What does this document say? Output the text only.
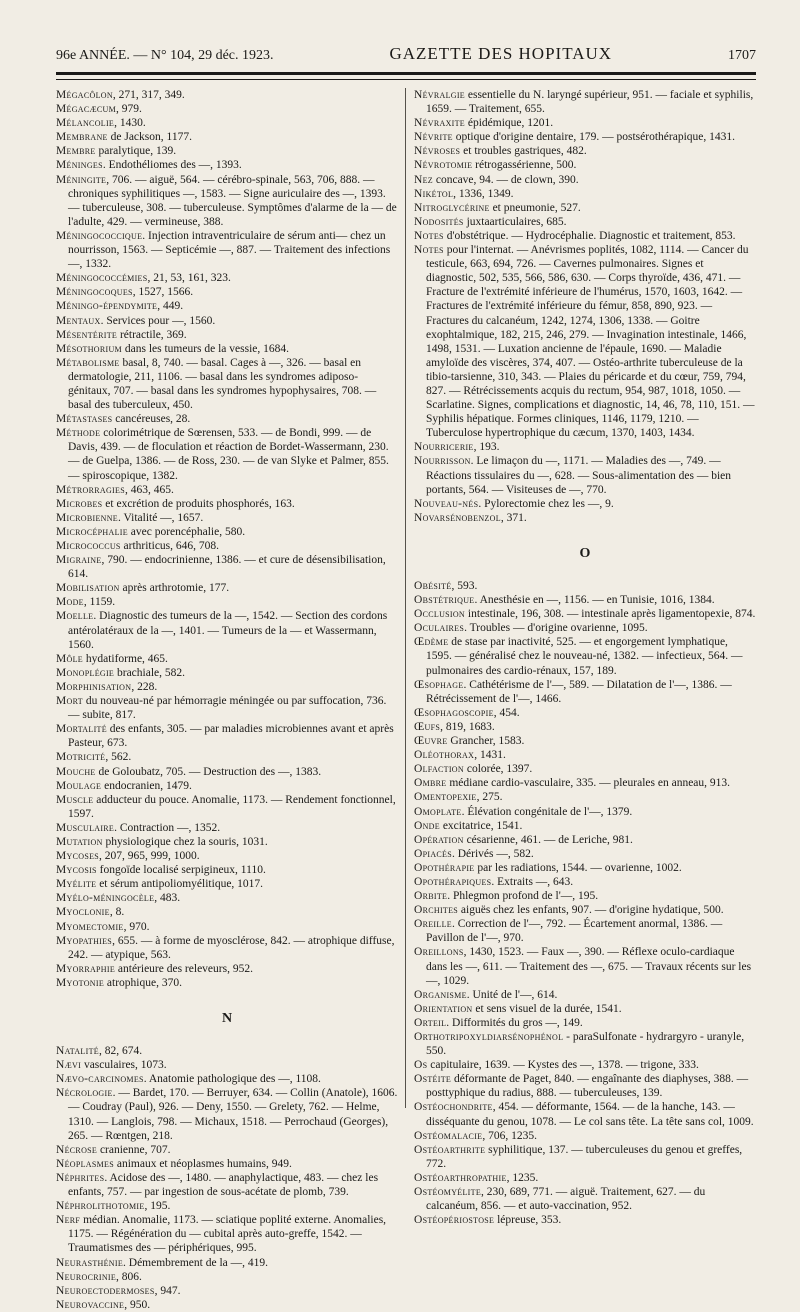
96e ANNÉE. — N° 104, 29 déc. 1923.	GAZETTE DES HOPITAUX	1707

Mégacôlon, 271, 317, 349.

Mégacæcum, 979.

Mélancolie, 1430.

Membrane de Jackson, 1177.

Membre paralytique, 139.

Méninges. Endothéliomes des —, 1393.

Méningite, 706. — aiguë, 564. — cérébro-spinale, 563, 706, 888. — chroniques syphilitiques —, 1583. — Signe auriculaire des —, 1393. — tuberculeuse, 308. — tuberculeuse. Symptômes d'alarme de la — de l'adulte, 429. — vermineuse, 388.

Méningococcique. Injection intraventriculaire de sérum anti— chez un nourrisson, 1563. — Septicémie —, 887. — Traitement des infections —, 1332.

Méningococcémies, 21, 53, 161, 323.

Méningocoques, 1527, 1566.

Méningo-épendymite, 449.

Mentaux. Services pour —, 1560.

Mésentérite rétractile, 369.

Mésothorium dans les tumeurs de la vessie, 1684.

Métabolisme basal, 8, 740. — basal. Cages à —, 326. — basal en dermatologie, 211, 1106. — basal dans les syndromes adiposo-génitaux, 707. — basal dans les syndromes hypophysaires, 708. — basal des tuberculeux, 450.

Métastases cancéreuses, 28.

Méthode colorimétrique de Sœrensen, 533. — de Bondi, 999. — de Davis, 439. — de floculation et réaction de Bordet-Wassermann, 230. — de Guelpa, 1386. — de Ross, 230. — de van Slyke et Palmer, 855. — spiroscopique, 1382.

Métrorragies, 463, 465.

Microbes et excrétion de produits phosphorés, 163.

Microbienne. Vitalité —, 1657.

Microcéphalie avec porencéphalie, 580.

Micrococcus arthriticus, 646, 708.

Migraine, 790. — endocrinienne, 1386. — et cure de désensibilisation, 614.

Mobilisation après arthrotomie, 177.

Mode, 1159.

Moelle. Diagnostic des tumeurs de la —, 1542. — Section des cordons antérolatéraux de la —, 1401. — Tumeurs de la — et Wassermann, 1560.

Môle hydatiforme, 465.

Monoplégie brachiale, 582.

Morphinisation, 228.

Mort du nouveau-né par hémorragie méningée ou par suffocation, 736. — subite, 817.

Mortalité des enfants, 305. — par maladies microbiennes avant et après Pasteur, 673.

Motricité, 562.

Mouche de Goloubatz, 705. — Destruction des —, 1383.

Moulage endocranien, 1479.

Muscle adducteur du pouce. Anomalie, 1173. — Rendement fonctionnel, 1597.

Musculaire. Contraction —, 1352.

Mutation physiologique chez la souris, 1031.

Mycoses, 207, 965, 999, 1000.

Mycosis fongoïde localisé serpigineux, 1110.

Myélite et sérum antipoliomyélitique, 1017.

Myélo-méningocèle, 483.

Myoclonie, 8.

Myomectomie, 970.

Myopathies, 655. — à forme de myosclérose, 842. — atrophique diffuse, 242. — atypique, 563.

Myorraphie antérieure des releveurs, 952.

Myotonie atrophique, 370.

N

Natalité, 82, 674.

Nævi vasculaires, 1073.

Nævo-carcinomes. Anatomie pathologique des —, 1108.

Nécrologie. — Bardet, 170. — Berruyer, 634. — Collin (Anatole), 1606. — Coudray (Paul), 926. — Deny, 1550. — Grelety, 762. — Helme, 1310. — Langlois, 798. — Michaux, 1518. — Perrochaud (Georges), 265. — Rœntgen, 218.

Nécrose cranienne, 707.

Néoplasmes animaux et néoplasmes humains, 949.

Néphrites. Acidose des —, 1480. — anaphylactique, 483. — chez les enfants, 757. — par ingestion de sous-acétate de plomb, 739.

Néphrolithotomie, 195.

Nerf médian. Anomalie, 1173. — sciatique poplité externe. Anomalies, 1175. — Régénération du — cubital après auto-greffe, 1542. — Traumatismes des — périphériques, 995.

Neurasthénie. Démembrement de la —, 419.

Neurocrinie, 806.

Neuroectodermoses, 947.

Neurovaccine, 950.

Névralgie essentielle du N. laryngé supérieur, 951. — faciale et syphilis, 1659. — Traitement, 655.

Névraxite épidémique, 1201.

Névrite optique d'origine dentaire, 179. — postsérothérapique, 1431.

Névroses et troubles gastriques, 482.

Névrotomie rétrogassérienne, 500.

Nez concave, 94. — de clown, 390.

Nikétol, 1336, 1349.

Nitroglycérine et pneumonie, 527.

Nodosités juxtaarticulaires, 685.

Notes d'obstétrique. — Hydrocéphalie. Diagnostic et traitement, 853.

Notes pour l'internat. — Anévrismes poplités, 1082, 1114. — Cancer du testicule, 663, 694, 726. — Cavernes pulmonaires. Signes et diagnostic, 502, 535, 566, 586, 630. — Corps thyroïde, 436, 471. — Fracture de l'extrémité inférieure de l'humérus, 1570, 1603, 1642. — Fractures de l'extrémité inférieure du fémur, 858, 890, 923. — Fractures du calcanéum, 1242, 1274, 1306, 1338. — Goitre exophtalmique, 182, 215, 246, 279. — Invagination intestinale, 1466, 1498, 1531. — Luxation ancienne de l'épaule, 1690. — Maladie amyloïde des viscères, 374, 407. — Ostéo-arthrite tuberculeuse de la tibio-tarsienne, 310, 343. — Plaies du péricarde et du cœur, 759, 794, 827. — Rétrécissements acquis du rectum, 954, 987, 1018, 1050. — Scarlatine. Signes, complications et diagnostic, 14, 46, 78, 110, 151. — Syphilis hépatique. Formes cliniques, 1146, 1179, 1210. — Tuberculose hypertrophique du cæcum, 1370, 1403, 1434.

Nourricerie, 193.

Nourrisson. Le limaçon du —, 1171. — Maladies des —, 749. — Réactions tissulaires du —, 628. — Sous-alimentation des — bien portants, 564. — Visiteuses de —, 770.

Nouveau-nés. Pylorectomie chez les —, 9.

Novarsénobenzol, 371.

O

Obésité, 593.

Obstétrique. Anesthésie en —, 1156. — en Tunisie, 1016, 1384.

Occlusion intestinale, 196, 308. — intestinale après ligamentopexie, 874.

Oculaires. Troubles — d'origine ovarienne, 1095.

Œdème de stase par inactivité, 525. — et engorgement lymphatique, 1595. — généralisé chez le nouveau-né, 1382. — infectieux, 564. — pulmonaires des cardio-rénaux, 157, 189.

Œsophage. Cathétérisme de l'—, 589. — Dilatation de l'—, 1386. — Rétrécissement de l'—, 1466.

Œsophagoscopie, 454.

Œufs, 819, 1683.

Œuvre Grancher, 1583.

Oléothorax, 1431.

Olfaction colorée, 1397.

Ombre médiane cardio-vasculaire, 335. — pleurales en anneau, 913.

Omentopexie, 275.

Omoplate. Élévation congénitale de l'—, 1379.

Onde excitatrice, 1541.

Opération césarienne, 461. — de Leriche, 981.

Opiacés. Dérivés —, 582.

Opothérapie par les radiations, 1544. — ovarienne, 1002.

Opothérapiques. Extraits —, 643.

Orbite. Phlegmon profond de l'—, 195.

Orchites aiguës chez les enfants, 907. — d'origine hydatique, 500.

Oreille. Correction de l'—, 792. — Écartement anormal, 1386. — Pavillon de l'—, 970.

Oreillons, 1430, 1523. — Faux —, 390. — Réflexe oculo-cardiaque dans les —, 611. — Traitement des —, 675. — Travaux récents sur les —, 1029.

Organisme. Unité de l'—, 614.

Orientation et sens visuel de la durée, 1541.

Orteil. Difformités du gros —, 149.

Orthotripoxyldiarsénophénol - paraSulfonate - hydrargyro - uranyle, 550.

Os capitulaire, 1639. — Kystes des —, 1378. — trigone, 333.

Ostéite déformante de Paget, 840. — engaînante des diaphyses, 388. — posttyphique du radius, 888. — tuberculeuses, 139.

Ostéochondrite, 454. — déformante, 1564. — de la hanche, 143. — disséquante du genou, 1078. — Le col sans tête. La tête sans col, 1009.

Ostéomalacie, 706, 1235.

Ostéoarthrite syphilitique, 137. — tuberculeuses du genou et greffes, 772.

Ostéoarthropathie, 1235.

Ostéomyélite, 230, 689, 771. — aiguë. Traitement, 627. — du calcanéum, 856. — et auto-vaccination, 952.

Ostéopériostose lépreuse, 353.
